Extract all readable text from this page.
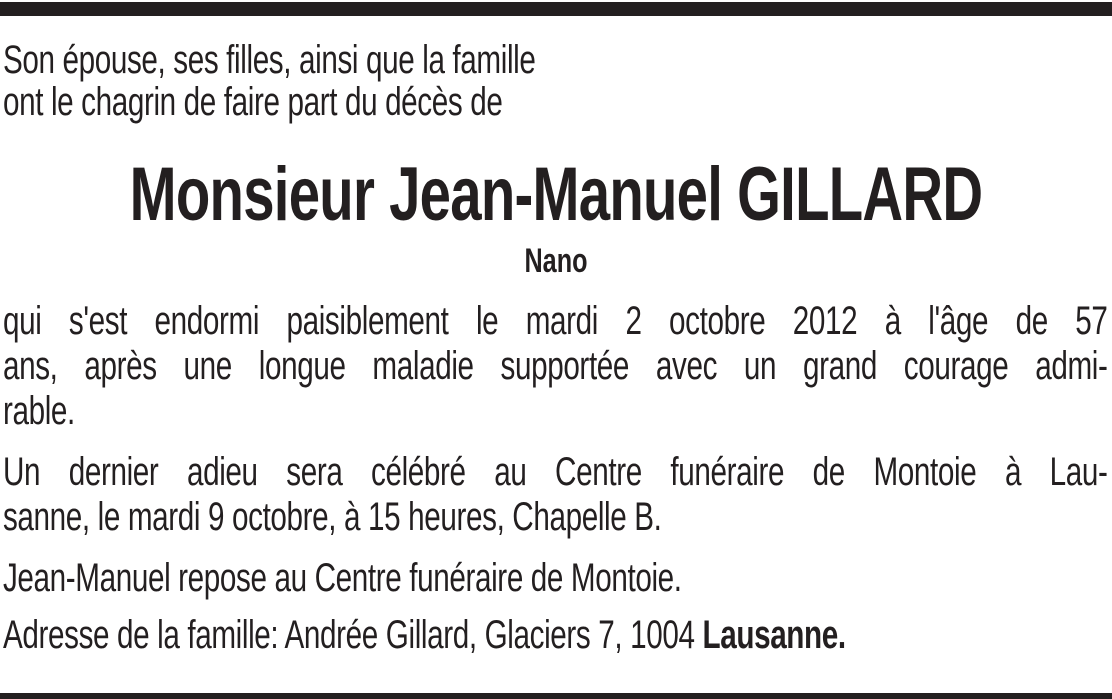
Son épouse, ses filles, ainsi que la famille
ont le chagrin de faire part du décès de
Monsieur Jean-Manuel GILLARD
Nano
qui s'est endormi paisiblement le mardi 2 octobre 2012 à l'âge de 57
ans, après une longue maladie supportée avec un grand courage admi-
rable.
Un dernier adieu sera célébré au Centre funéraire de Montoie à Lau-
sanne, le mardi 9 octobre, à 15 heures, Chapelle B.
Jean-Manuel repose au Centre funéraire de Montoie.
Adresse de la famille: Andrée Gillard, Glaciers 7, 1004 Lausanne.
